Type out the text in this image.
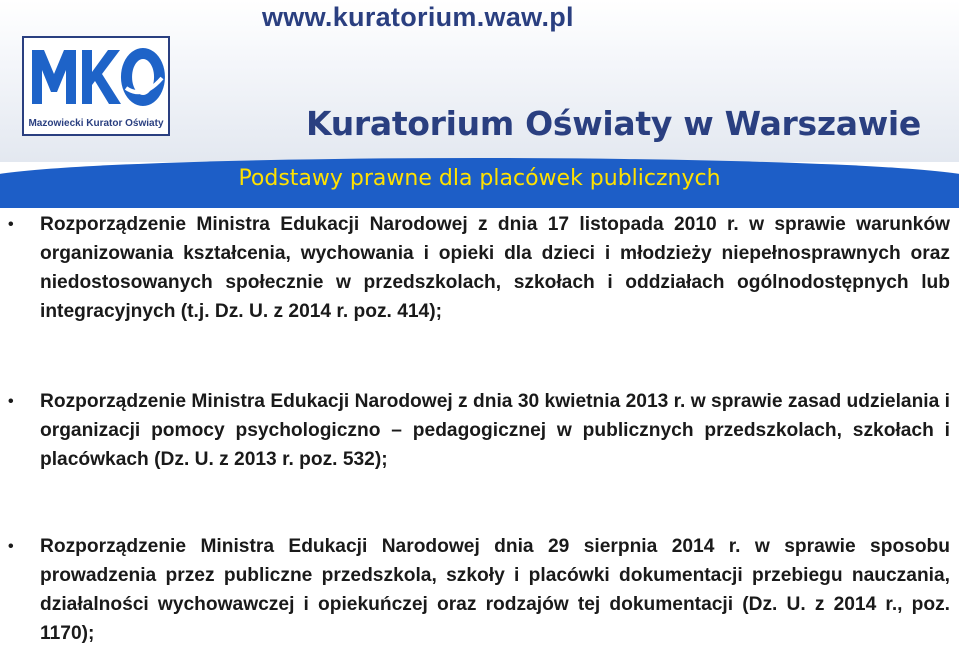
www.kuratorium.waw.pl
Mazowiecki Kurator Oświaty	Kuratorium Oświaty w Warszawie
Podstawy prawne dla placówek publicznych
• Rozporządzenie Ministra Edukacji Narodowej z dnia 17 listopada 2010 r. w sprawie warunków organizowania kształcenia, wychowania i opieki dla dzieci i młodzieży niepełnosprawnych oraz niedostosowanych społecznie w przedszkolach, szkołach i oddziałach ogólnodostępnych lub integracyjnych (t.j. Dz. U. z 2014 r. poz. 414);
• Rozporządzenie Ministra Edukacji Narodowej z dnia 30 kwietnia 2013 r. w sprawie zasad udzielania i organizacji pomocy psychologiczno – pedagogicznej w publicznych przedszkolach, szkołach i placówkach (Dz. U. z 2013 r. poz. 532);
• Rozporządzenie Ministra Edukacji Narodowej dnia 29 sierpnia 2014 r. w sprawie sposobu prowadzenia przez publiczne przedszkola, szkoły i placówki dokumentacji przebiegu nauczania, działalności wychowawczej i opiekuńczej oraz rodzajów tej dokumentacji (Dz. U. z 2014 r., poz. 1170);
